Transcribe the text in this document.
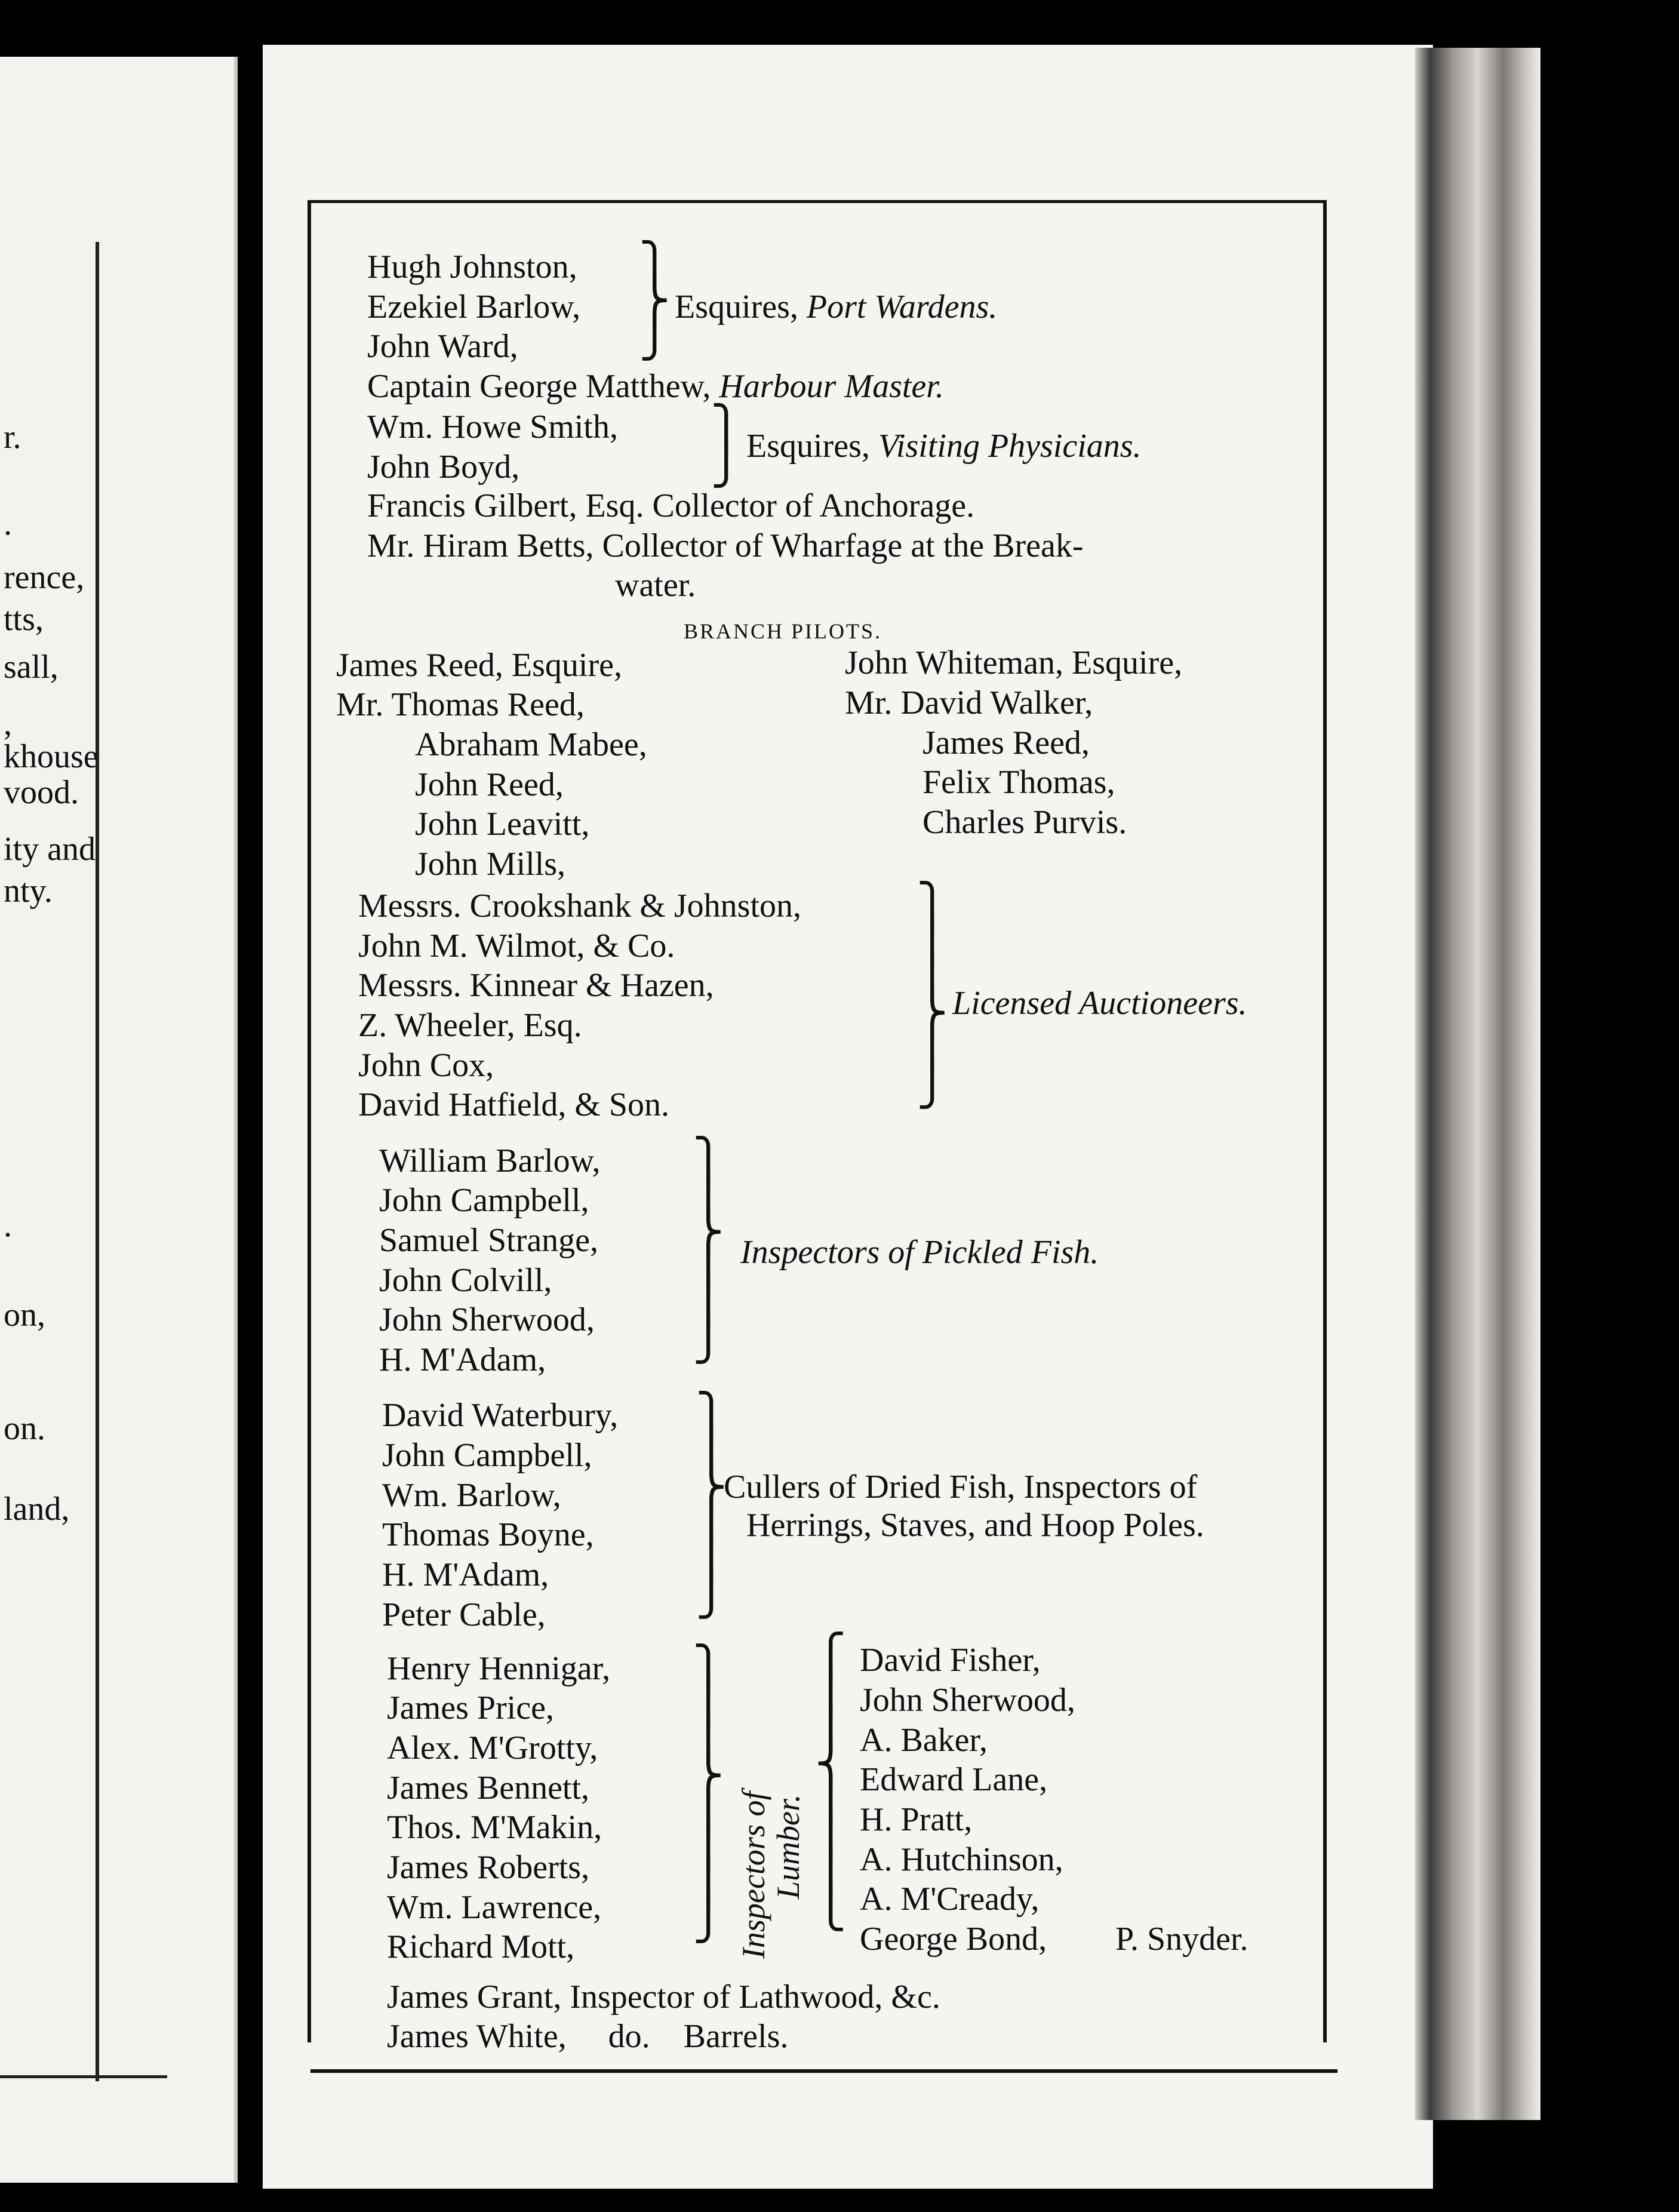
r.
.
rence,
tts,
sall,
,
khouse
vood.
ity and
nty.
.
on,
on.
land,
Hugh Johnston,
Ezekiel Barlow,
John Ward,
⎫
⎬
⎭
Esquires, Port Wardens.
Captain George Matthew, Harbour Master.
Wm. Howe Smith,
John Boyd,
⎫
⎭ Esquires, Visiting Physicians.
Francis Gilbert, Esq. Collector of Anchorage.
Mr. Hiram Betts, Collector of Wharfage at the Break-
water.
BRANCH PILOTS.
James Reed, Esquire,
Mr. Thomas Reed,
Abraham Mabee,
John Reed,
John Leavitt,
John Mills,
John Whiteman, Esquire,
Mr. David Walker,
James Reed,
Felix Thomas,
Charles Purvis.
Messrs. Crookshank & Johnston,
John M. Wilmot, & Co.
Messrs. Kinnear & Hazen,
Z. Wheeler, Esq.
John Cox,
David Hatfield, & Son.
⎫
⎪
⎪
⎬
⎪
⎭
Licensed Auctioneers.
William Barlow,
John Campbell,
Samuel Strange,
John Colvill,
John Sherwood,
H. M'Adam,
⎫
⎪
⎬
⎪
⎪
⎭
Inspectors of Pickled Fish.
David Waterbury,
John Campbell,
Wm. Barlow,
Thomas Boyne,
H. M'Adam,
Peter Cable,
⎫
⎪
⎬
⎪
⎪
⎭
Cullers of Dried Fish, Inspectors of
Herrings, Staves, and Hoop Poles.
Henry Hennigar,
James Price,
Alex. M'Grotty,
James Bennett,
Thos. M'Makin,
James Roberts,
Wm. Lawrence,
Richard Mott,
⎫
⎪
⎪
⎬
⎪
⎪
⎪
⎭ Inspectors of
Lumber.
⎧
⎪
⎪
⎨
⎪
⎪
⎪
⎩
David Fisher,
John Sherwood,
A. Baker,
Edward Lane,
H. Pratt,
A. Hutchinson,
A. M'Cready,
George Bond, P. Snyder.
James Grant, Inspector of Lathwood, &c.
James White,     do.    Barrels.
